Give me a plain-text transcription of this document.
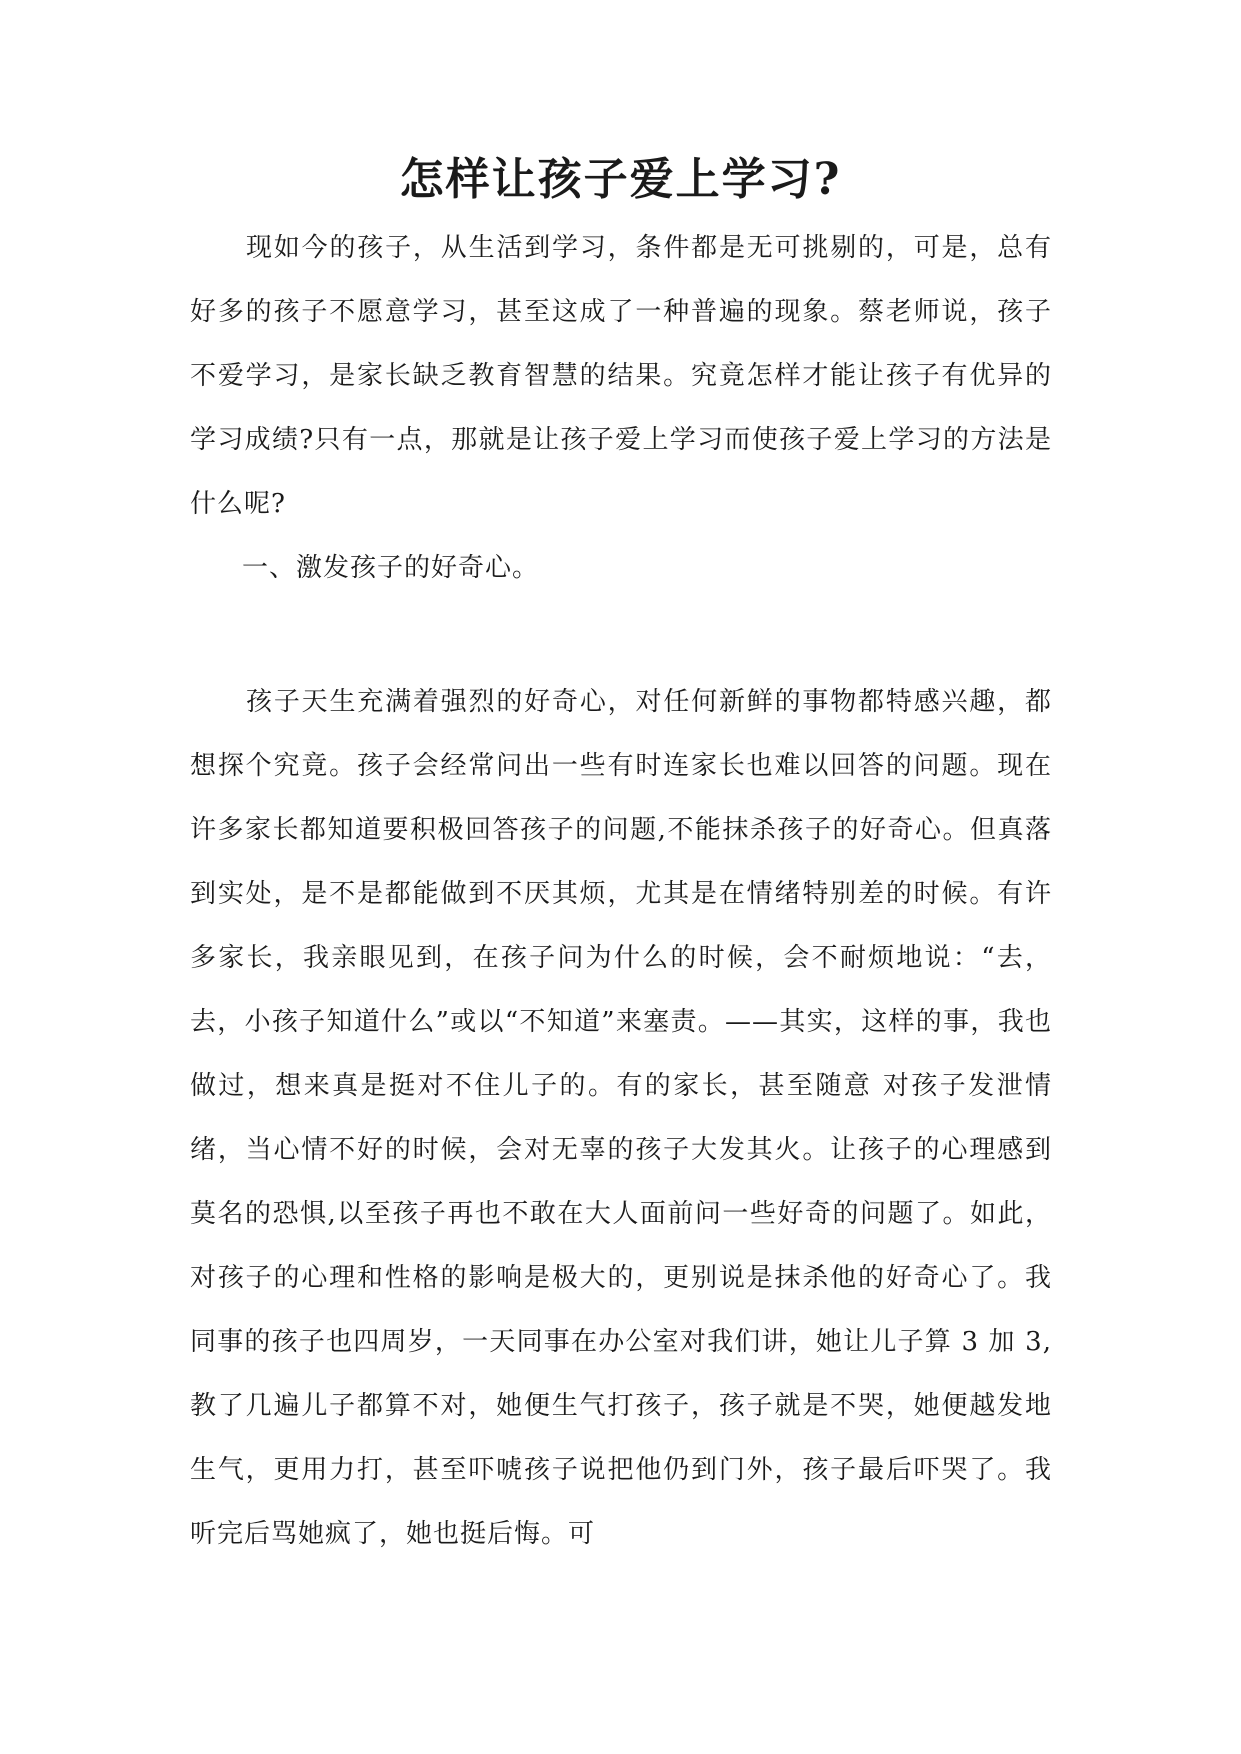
怎样让孩子爱上学习?

现如今的孩子，从生活到学习，条件都是无可挑剔的，可是，总有好多的孩子不愿意学习，甚至这成了一种普遍的现象。蔡老师说，孩子不爱学习，是家长缺乏教育智慧的结果。究竟怎样才能让孩子有优异的学习成绩?只有一点，那就是让孩子爱上学习而使孩子爱上学习的方法是什么呢?

一、激发孩子的好奇心。

孩子天生充满着强烈的好奇心，对任何新鲜的事物都特感兴趣，都想探个究竟。孩子会经常问出一些有时连家长也难以回答的问题。现在许多家长都知道要积极回答孩子的问题,不能抹杀孩子的好奇心。但真落到实处，是不是都能做到不厌其烦，尤其是在情绪特别差的时候。有许多家长，我亲眼见到，在孩子问为什么的时候，会不耐烦地说：“去，去，小孩子知道什么”或以“不知道”来塞责。——其实，这样的事，我也做过，想来真是挺对不住儿子的。有的家长，甚至随意 对孩子发泄情绪，当心情不好的时候，会对无辜的孩子大发其火。让孩子的心理感到莫名的恐惧,以至孩子再也不敢在大人面前问一些好奇的问题了。如此，对孩子的心理和性格的影响是极大的，更别说是抹杀他的好奇心了。我同事的孩子也四周岁，一天同事在办公室对我们讲，她让儿子算 3 加 3,教了几遍儿子都算不对，她便生气打孩子，孩子就是不哭，她便越发地生气，更用力打，甚至吓唬孩子说把他仍到门外，孩子最后吓哭了。我听完后骂她疯了，她也挺后悔。可
